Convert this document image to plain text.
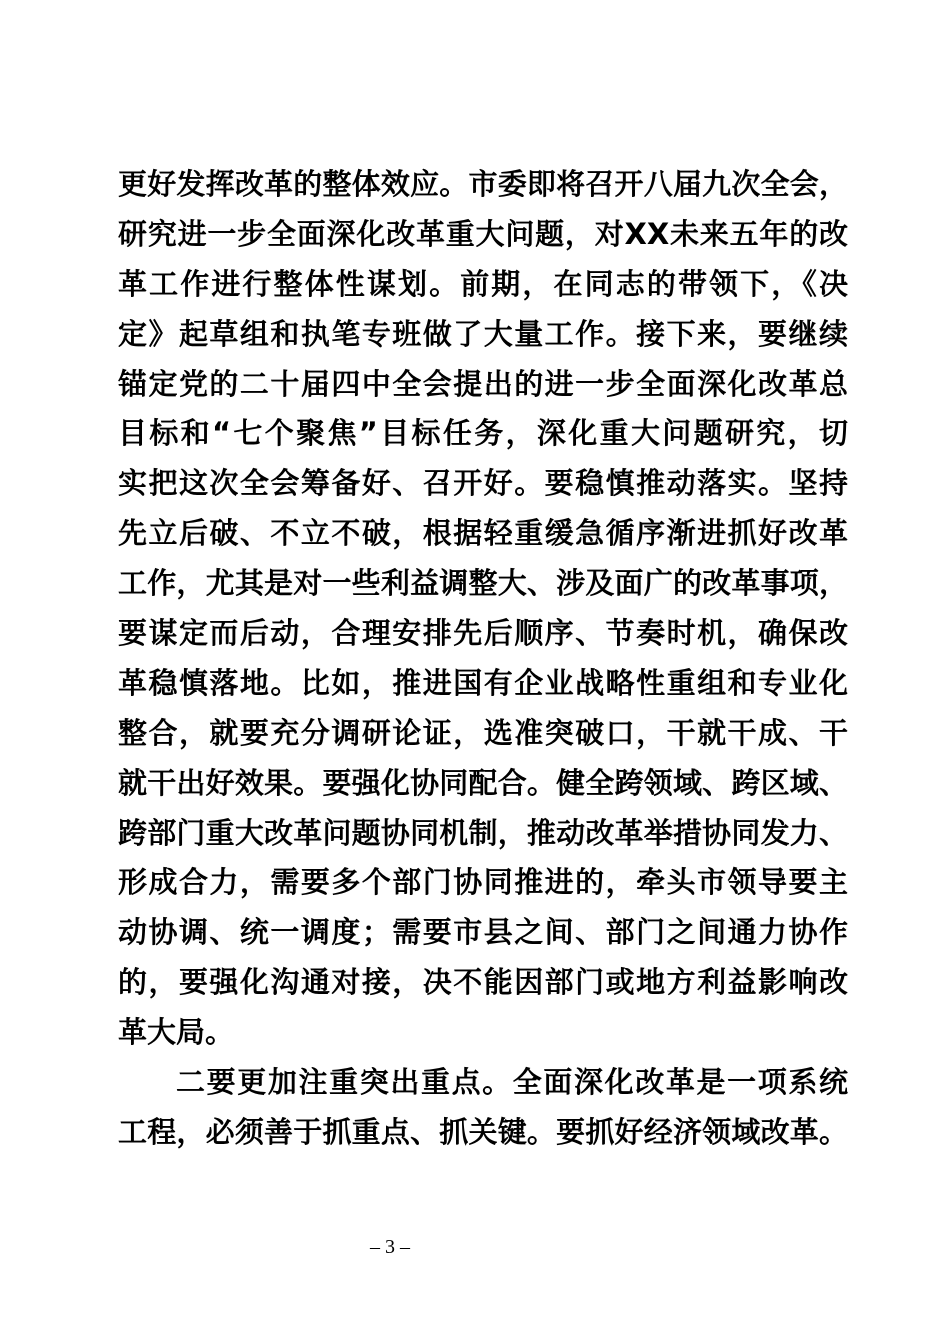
更好发挥改革的整体效应。市委即将召开八届九次全会，
研究进一步全面深化改革重大问题，对XX未来五年的改
革工作进行整体性谋划。前期，在同志的带领下，《决
定》起草组和执笔专班做了大量工作。接下来，要继续
锚定党的二十届四中全会提出的进一步全面深化改革总
目标和“七个聚焦”目标任务，深化重大问题研究，切
实把这次全会筹备好、召开好。要稳慎推动落实。坚持
先立后破、不立不破，根据轻重缓急循序渐进抓好改革
工作，尤其是对一些利益调整大、涉及面广的改革事项，
要谋定而后动，合理安排先后顺序、节奏时机，确保改
革稳慎落地。比如，推进国有企业战略性重组和专业化
整合，就要充分调研论证，选准突破口，干就干成、干
就干出好效果。要强化协同配合。健全跨领域、跨区域、
跨部门重大改革问题协同机制，推动改革举措协同发力、
形成合力，需要多个部门协同推进的，牵头市领导要主
动协调、统一调度；需要市县之间、部门之间通力协作
的，要强化沟通对接，决不能因部门或地方利益影响改
革大局。
二要更加注重突出重点。全面深化改革是一项系统
工程，必须善于抓重点、抓关键。要抓好经济领域改革。
– 3 –
